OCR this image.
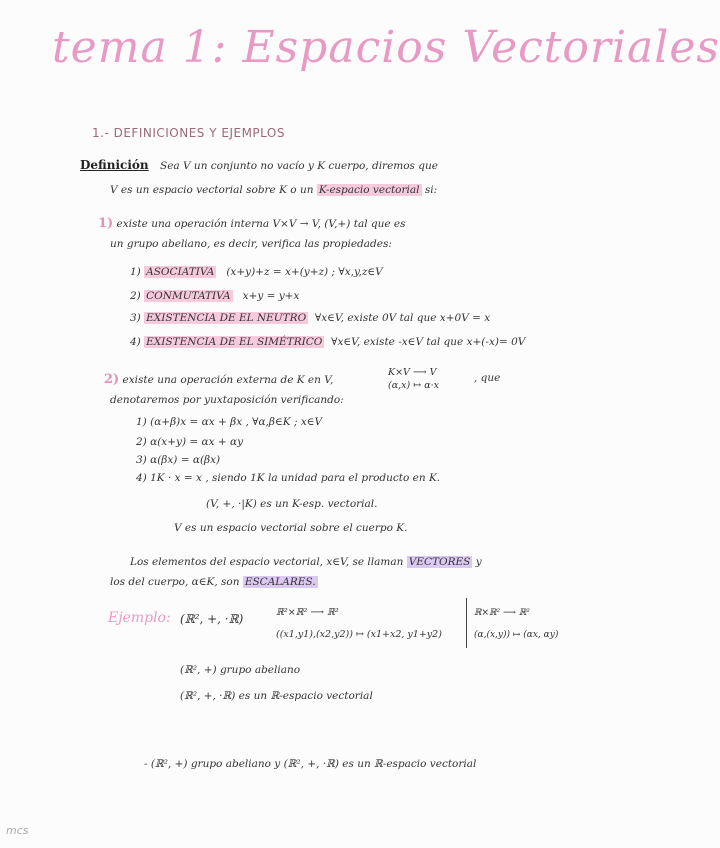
tema 1: Espacios Vectoriales
1.- DEFINICIONES Y EJEMPLOS
Definición Sea V un conjunto no vacío y K cuerpo, diremos que
V es un espacio vectorial sobre K o un K-espacio vectorial si:
1) existe una operación interna V×V → V, (V,+) tal que es
un grupo abeliano, es decir, verifica las propiedades:
1) ASOCIATIVA (x+y)+z = x+(y+z) ; ∀x,y,z∈V
2) CONMUTATIVA x+y = y+x
3) EXISTENCIA DE EL NEUTRO ∀x∈V, existe 0V tal que x+0V = x
4) EXISTENCIA DE EL SIMÉTRICO ∀x∈V, existe -x∈V tal que x+(-x)= 0V
2) existe una operación externa de K en V,
K×V ⟶ V
(α,x) ↦ α·x
, que
denotaremos por yuxtaposición verificando:
1) (α+β)x = αx + βx , ∀α,β∈K ; x∈V
2) α(x+y) = αx + αy
3) α(βx) = α(βx)
4) 1K · x = x , siendo 1K la unidad para el producto en K.
(V, +, ·|K) es un K-esp. vectorial.
V es un espacio vectorial sobre el cuerpo K.
Los elementos del espacio vectorial, x∈V, se llaman VECTORES y
los del cuerpo, α∈K, son ESCALARES.
Ejemplo: (ℝ², +, ·ℝ)	ℝ²×ℝ² ⟶ ℝ²
((x1,y1),(x2,y2)) ↦ (x1+x2, y1+y2)
ℝ×ℝ² ⟶ ℝ²
(α,(x,y)) ↦ (αx, αy)
(ℝ², +) grupo abeliano
(ℝ², +, ·ℝ) es un ℝ-espacio vectorial
- (ℝ², +) grupo abeliano y (ℝ², +, ·ℝ) es un ℝ-espacio vectorial
mcs
